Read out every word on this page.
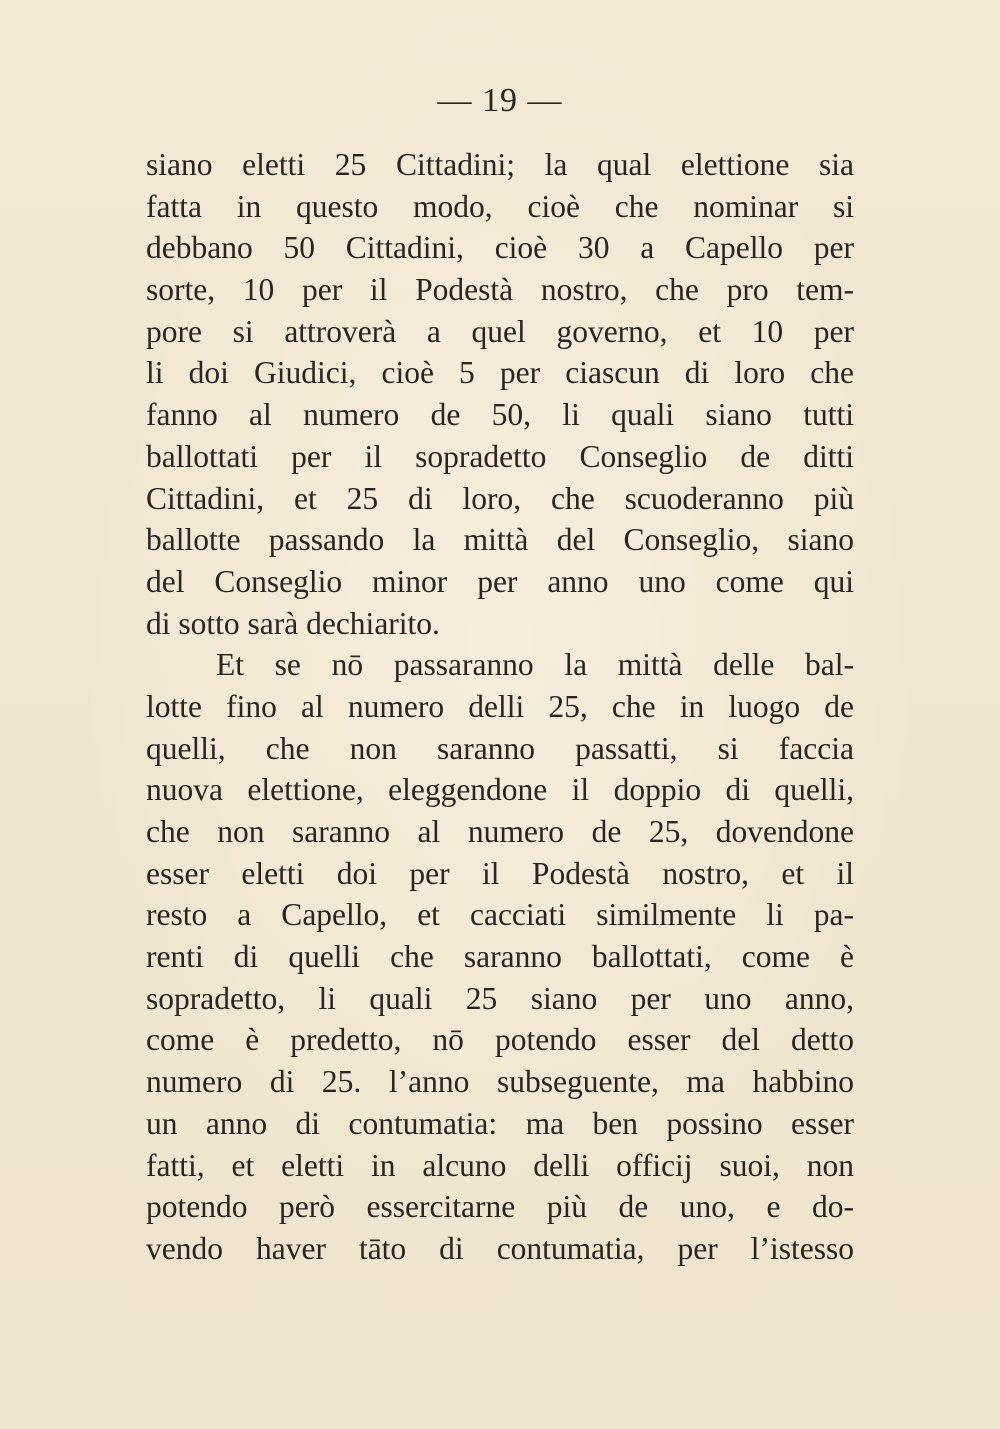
— 19 —
siano eletti 25 Cittadini; la qual elettione sia
fatta in questo modo, cioè che nominar si
debbano 50 Cittadini, cioè 30 a Capello per
sorte, 10 per il Podestà nostro, che pro tem-
pore si attroverà a quel governo, et 10 per
li doi Giudici, cioè 5 per ciascun di loro che
fanno al numero de 50, li quali siano tutti
ballottati per il sopradetto Conseglio de ditti
Cittadini, et 25 di loro, che scuoderanno più
ballotte passando la mittà del Conseglio, siano
del Conseglio minor per anno uno come qui
di sotto sarà dechiarito.
Et se nō passaranno la mittà delle bal-
lotte fino al numero delli 25, che in luogo de
quelli, che non saranno passatti, si faccia
nuova elettione, eleggendone il doppio di quelli,
che non saranno al numero de 25, dovendone
esser eletti doi per il Podestà nostro, et il
resto a Capello, et cacciati similmente li pa-
renti di quelli che saranno ballottati, come è
sopradetto, li quali 25 siano per uno anno,
come è predetto, nō potendo esser del detto
numero di 25. l’anno subseguente, ma habbino
un anno di contumatia: ma ben possino esser
fatti, et eletti in alcuno delli officij suoi, non
potendo però essercitarne più de uno, e do-
vendo haver tāto di contumatia, per l’istesso
